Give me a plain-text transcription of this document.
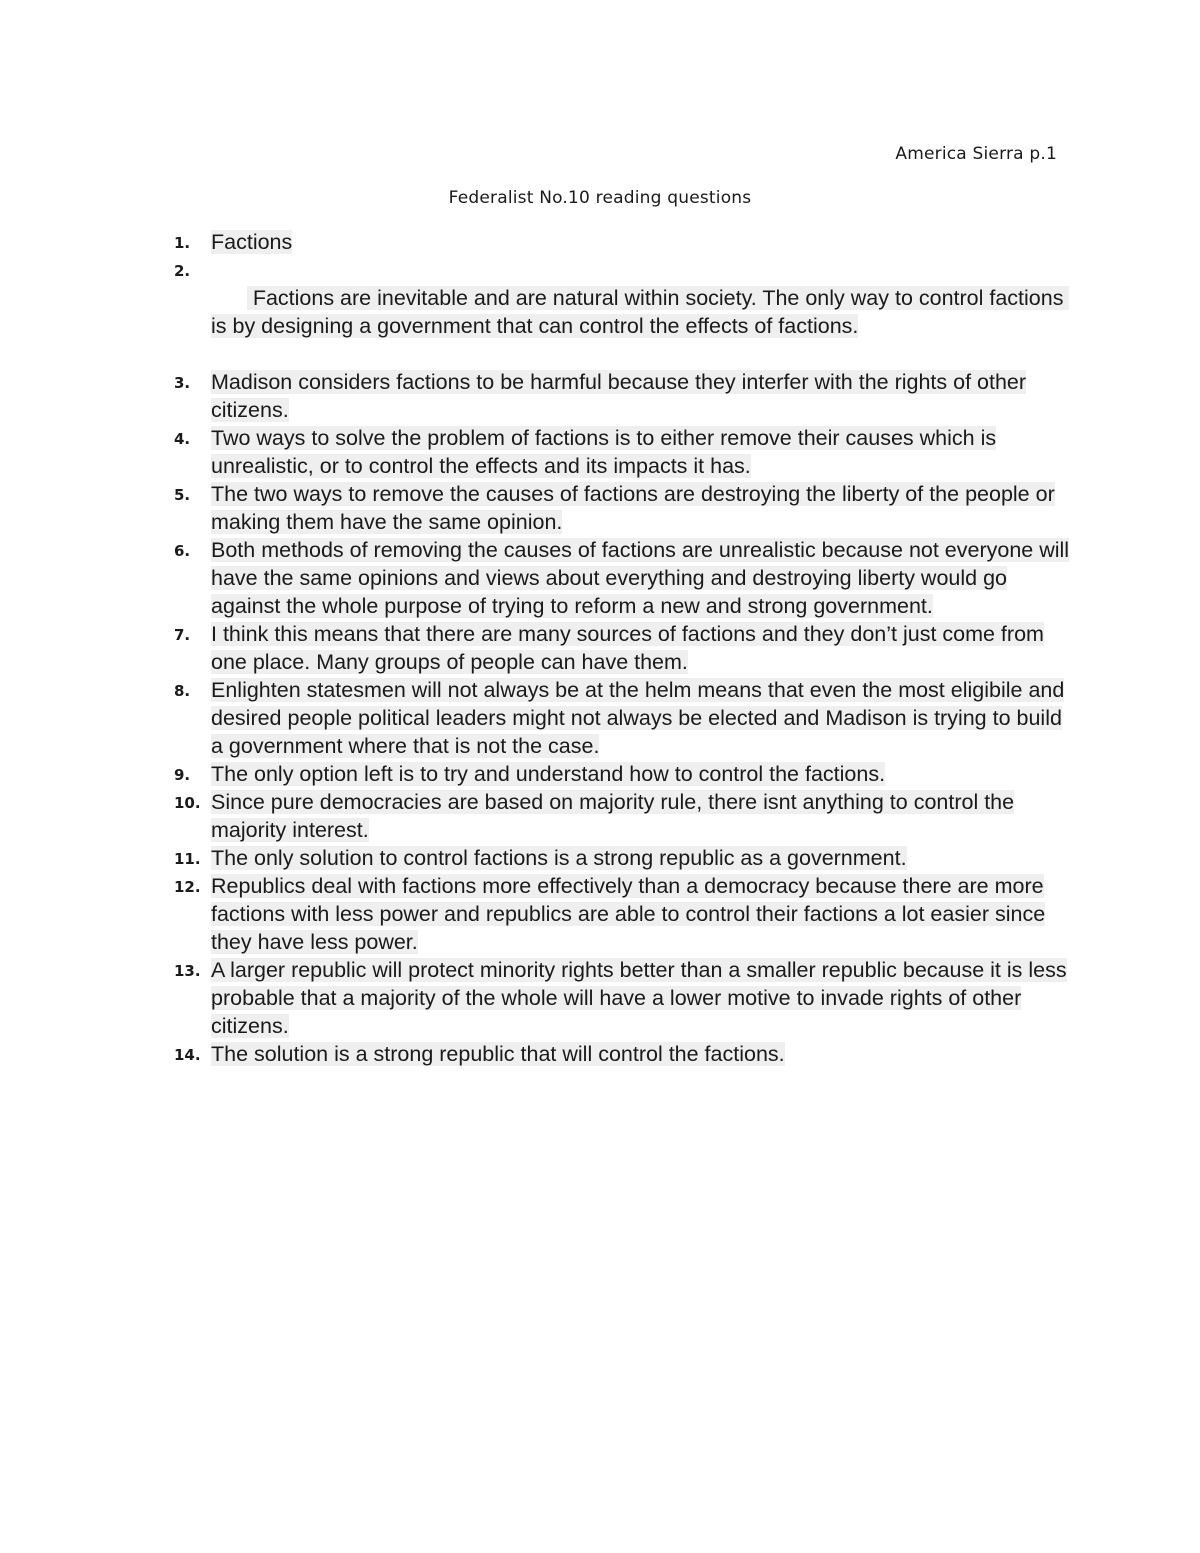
America Sierra p.1
Federalist No.10 reading questions
1. Factions

2.
Factions are inevitable and are natural within society. The only way to control factions is by designing a government that can control the effects of factions.

3. Madison considers factions to be harmful because they interfer with the rights of other citizens.
4. Two ways to solve the problem of factions is to either remove their causes which is unrealistic, or to control the effects and its impacts it has.
5. The two ways to remove the causes of factions are destroying the liberty of the people or making them have the same opinion.
6. Both methods of removing the causes of factions are unrealistic because not everyone will have the same opinions and views about everything and destroying liberty would go against the whole purpose of trying to reform a new and strong government.
7. I think this means that there are many sources of factions and they don’t just come from one place. Many groups of people can have them.
8. Enlighten statesmen will not always be at the helm means that even the most eligibile and desired people political leaders might not always be elected and Madison is trying to build a government where that is not the case.
9. The only option left is to try and understand how to control the factions.
10. Since pure democracies are based on majority rule, there isnt anything to control the majority interest.
11. The only solution to control factions is a strong republic as a government.
12. Republics deal with factions more effectively than a democracy because there are more factions with less power and republics are able to control their factions a lot easier since they have less power.
13. A larger republic will protect minority rights better than a smaller republic because it is less probable that a majority of the whole will have a lower motive to invade rights of other citizens.
14. The solution is a strong republic that will control the factions.
